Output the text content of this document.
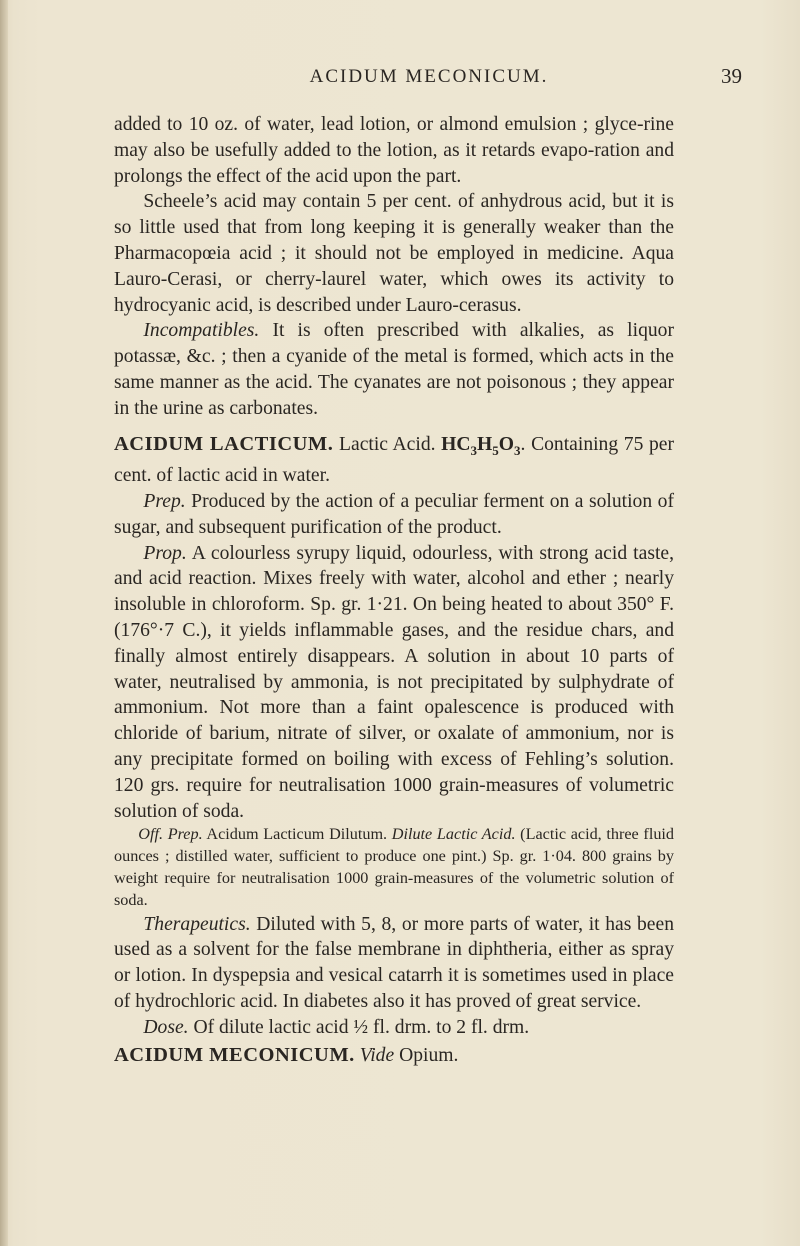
ACIDUM MECONICUM.	39

added to 10 oz. of water, lead lotion, or almond emulsion ; glyce-rine may also be usefully added to the lotion, as it retards evapo-ration and prolongs the effect of the acid upon the part.

Scheele’s acid may contain 5 per cent. of anhydrous acid, but it is so little used that from long keeping it is generally weaker than the Pharmacopœia acid ; it should not be employed in medicine. Aqua Lauro-Cerasi, or cherry-laurel water, which owes its activity to hydrocyanic acid, is described under Lauro-cerasus.

Incompatibles. It is often prescribed with alkalies, as liquor potassæ, &c. ; then a cyanide of the metal is formed, which acts in the same manner as the acid. The cyanates are not poisonous ; they appear in the urine as carbonates.

ACIDUM LACTICUM. Lactic Acid. $HC_3H_5O_3$. Containing 75 per cent. of lactic acid in water.

Prep. Produced by the action of a peculiar ferment on a solution of sugar, and subsequent purification of the product.

Prop. A colourless syrupy liquid, odourless, with strong acid taste, and acid reaction. Mixes freely with water, alcohol and ether ; nearly insoluble in chloroform. Sp. gr. 1·21. On being heated to about 350° F. (176°·7 C.), it yields inflammable gases, and the residue chars, and finally almost entirely disappears. A solution in about 10 parts of water, neutralised by ammonia, is not precipitated by sulphydrate of ammonium. Not more than a faint opalescence is produced with chloride of barium, nitrate of silver, or oxalate of ammonium, nor is any precipitate formed on boiling with excess of Fehling’s solution. 120 grs. require for neutralisation 1000 grain-measures of volumetric solution of soda.

Off. Prep. Acidum Lacticum Dilutum. Dilute Lactic Acid. (Lactic acid, three fluid ounces ; distilled water, sufficient to produce one pint.) Sp. gr. 1·04. 800 grains by weight require for neutralisation 1000 grain-measures of the volumetric solution of soda.

Therapeutics. Diluted with 5, 8, or more parts of water, it has been used as a solvent for the false membrane in diphtheria, either as spray or lotion. In dyspepsia and vesical catarrh it is sometimes used in place of hydrochloric acid. In diabetes also it has proved of great service.

Dose. Of dilute lactic acid ½ fl. drm. to 2 fl. drm.

ACIDUM MECONICUM. Vide Opium.
